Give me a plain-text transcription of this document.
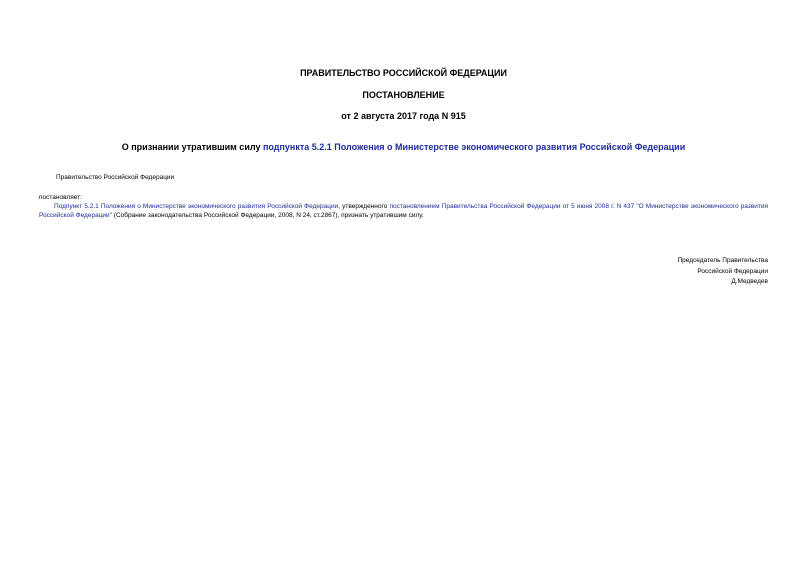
ПРАВИТЕЛЬСТВО РОССИЙСКОЙ ФЕДЕРАЦИИ
ПОСТАНОВЛЕНИЕ
от 2 августа 2017 года N 915
О признании утратившим силу подпункта 5.2.1 Положения о Министерстве экономического развития Российской Федерации
Правительство Российской Федерации
постановляет:
Подпункт 5.2.1 Положения о Министерстве экономического развития Российской Федерации, утвержденного постановлением Правительства Российской Федерации от 5 июня 2008 г. N 437 "О Министерстве экономического развития Российской Федерации" (Собрание законодательства Российской Федерации, 2008, N 24, ст.2867), признать утратившим силу.
Председатель Правительства
Российской Федерации
Д.Медведев
